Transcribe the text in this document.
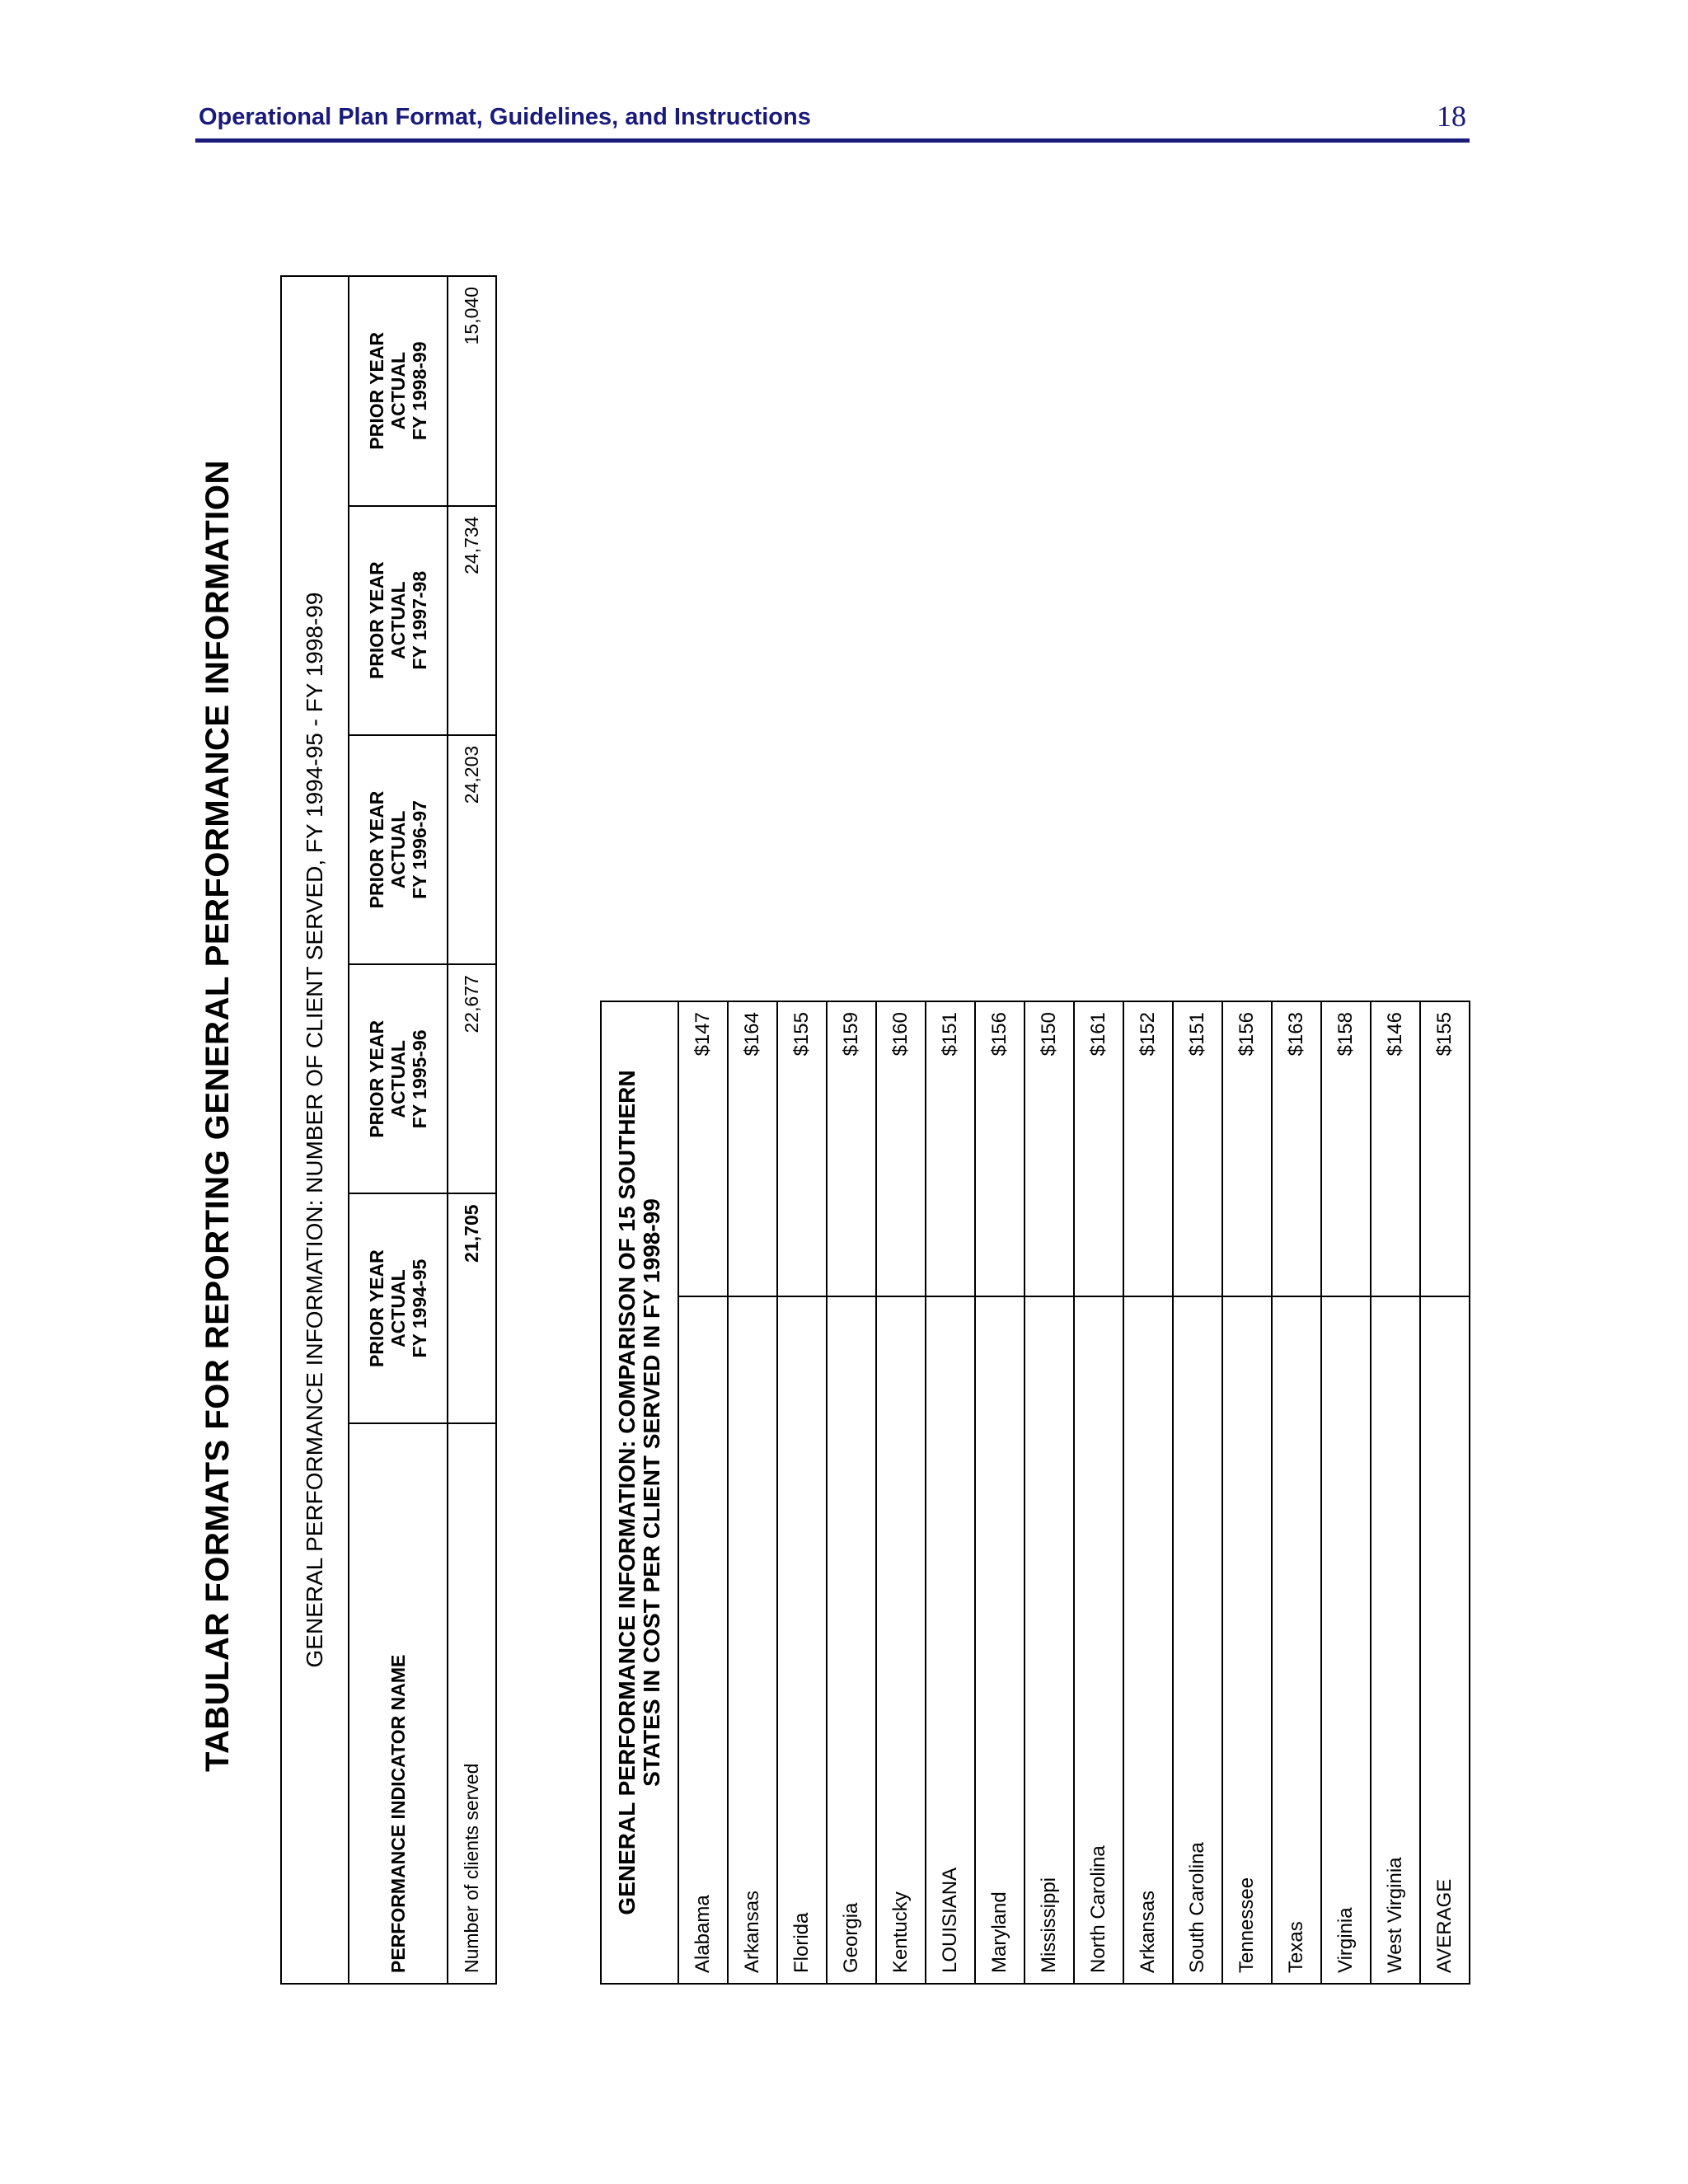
Operational Plan Format, Guidelines, and Instructions	18
TABULAR FORMATS FOR REPORTING GENERAL PERFORMANCE INFORMATION	GENERAL PERFORMANCE INFORMATION: NUMBER OF CLIENT SERVED, FY 1994-95 - FY 1998-99					
PERFORMANCE INDICATOR NAME	PRIOR YEAR
ACTUAL
FY 1994-95	PRIOR YEAR
ACTUAL
FY 1995-96	PRIOR YEAR
ACTUAL
FY 1996-97	PRIOR YEAR
ACTUAL
FY 1997-98	PRIOR YEAR
ACTUAL
FY 1998-99
Number of clients served	21,705	22,677	24,203	24,734	15,040
GENERAL PERFORMANCE INFORMATION: COMPARISON OF 15 SOUTHERN
STATES IN COST PER CLIENT SERVED IN FY 1998-99	
Alabama	$147
Arkansas	$164
Florida	$155
Georgia	$159
Kentucky	$160
LOUISIANA	$151
Maryland	$156
Mississippi	$150
North Carolina	$161
Arkansas	$152
South Carolina	$151
Tennessee	$156
Texas	$163
Virginia	$158
West Virginia	$146
AVERAGE	$155
